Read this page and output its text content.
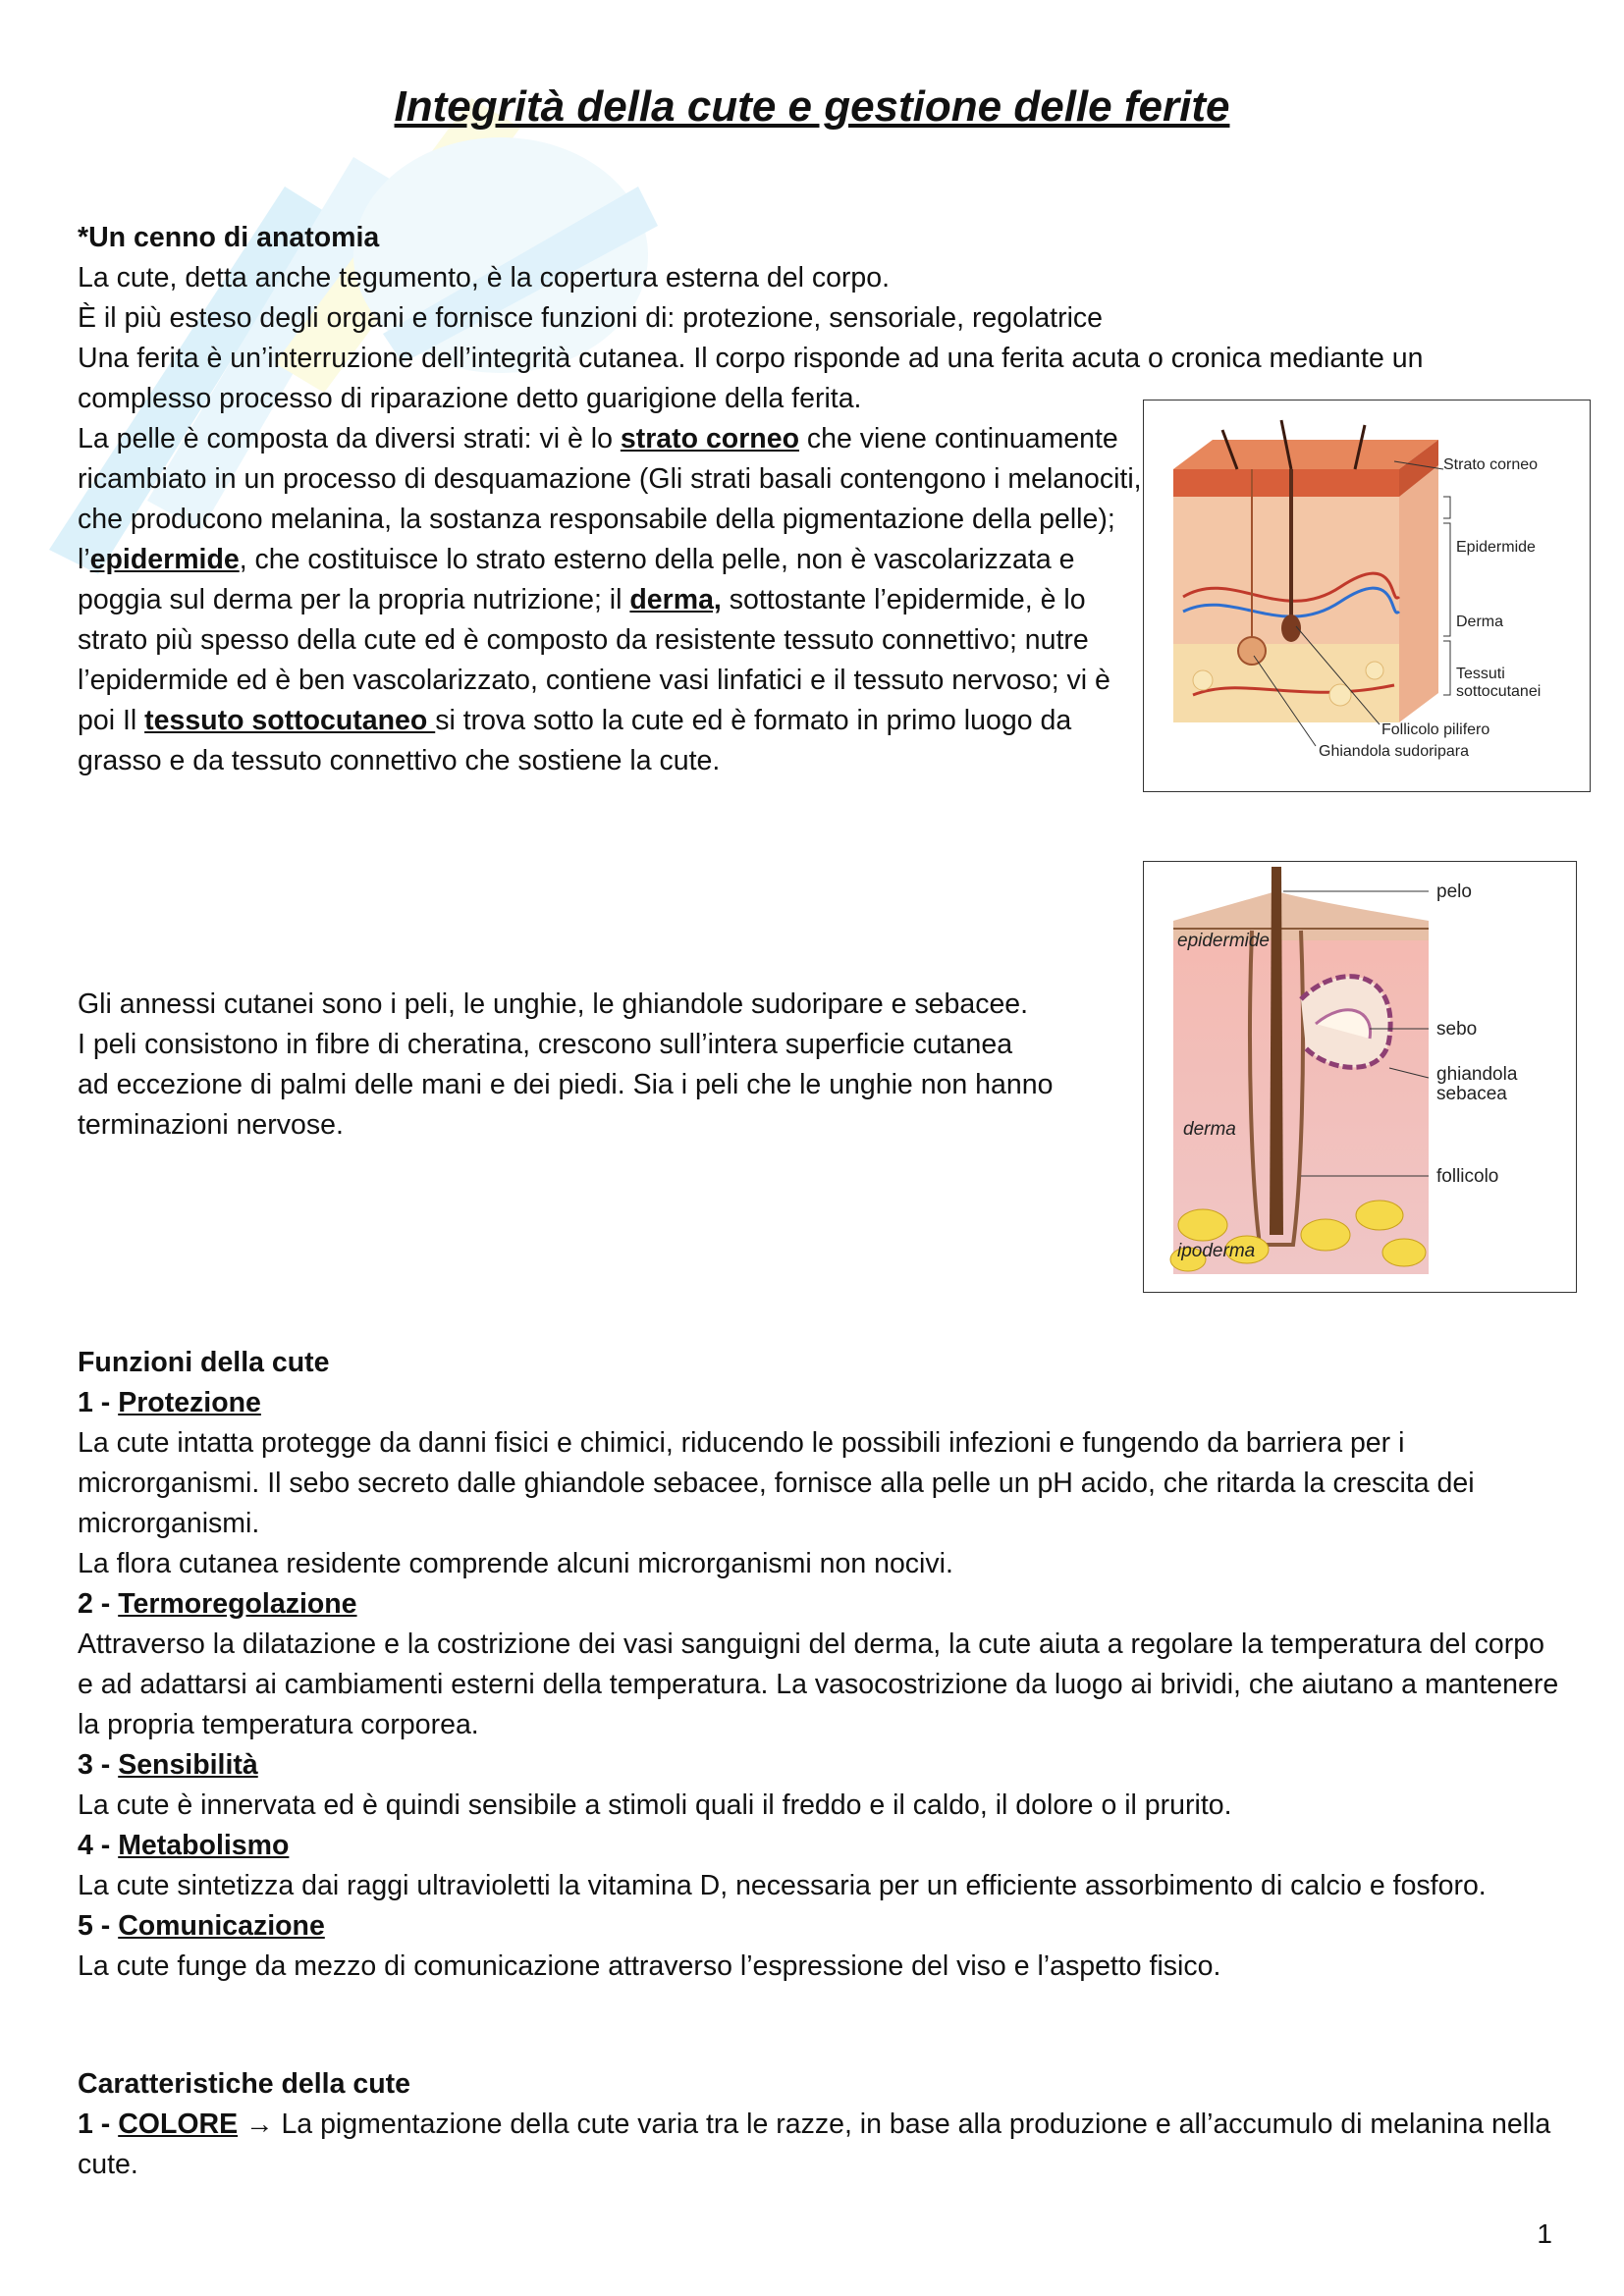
Integrità della cute e gestione delle ferite

*Un cenno di anatomia

La cute, detta anche tegumento, è la copertura esterna del corpo.

È il più esteso degli organi e fornisce funzioni di: protezione, sensoriale, regolatrice

Una ferita è un’interruzione dell’integrità cutanea. Il corpo risponde ad una ferita acuta o cronica mediante un

complesso processo di riparazione detto guarigione della ferita.

La pelle è composta da diversi strati: vi è lo strato corneo che viene continuamente ricambiato in un processo di desquamazione (Gli strati basali contengono i melanociti, che producono melanina, la sostanza responsabile della pigmentazione della pelle); l’epidermide, che costituisce lo strato esterno della pelle, non è vascolarizzata e poggia sul derma per la propria nutrizione; il derma, sottostante l’epidermide, è lo strato più spesso della cute ed è composto da resistente tessuto connettivo; nutre l’epidermide ed è ben vascolarizzato, contiene vasi linfatici e il tessuto nervoso; vi è poi Il tessuto sottocutaneo si trova sotto la cute ed è formato in primo luogo da grasso e da tessuto connettivo che sostiene la cute.

Strato corneo
Epidermide
Derma
Tessuti
sottocutanei
Follicolo pilifero
Ghiandola sudoripara
pelo
epidermide
sebo
ghiandola
sebacea
derma
follicolo
ipoderma

Gli annessi cutanei sono i peli, le unghie, le ghiandole sudoripare e sebacee.

I peli consistono in fibre di cheratina, crescono sull’intera superficie cutanea

ad eccezione di palmi delle mani e dei piedi. Sia i peli che le unghie non hanno

terminazioni nervose.

Funzioni della cute

1 - Protezione

La cute intatta protegge da danni fisici e chimici, riducendo le possibili infezioni e fungendo da barriera per i microrganismi. Il sebo secreto dalle ghiandole sebacee, fornisce alla pelle un pH acido, che ritarda la crescita dei microrganismi.

La flora cutanea residente comprende alcuni microrganismi non nocivi.

2 - Termoregolazione

Attraverso la dilatazione e la costrizione dei vasi sanguigni del derma, la cute aiuta a regolare la temperatura del corpo e ad adattarsi ai cambiamenti esterni della temperatura. La vasocostrizione da luogo ai brividi, che aiutano a mantenere la propria temperatura corporea.

3 - Sensibilità

La cute è innervata ed è quindi sensibile a stimoli quali il freddo e il caldo, il dolore o il prurito.

4 - Metabolismo

La cute sintetizza dai raggi ultravioletti la vitamina D, necessaria per un efficiente assorbimento di calcio e fosforo.

5 - Comunicazione

La cute funge da mezzo di comunicazione attraverso l’espressione del viso e l’aspetto fisico.

Caratteristiche della cute

1 - COLORE → La pigmentazione della cute varia tra le razze, in base alla produzione e all’accumulo di melanina nella cute.

1
